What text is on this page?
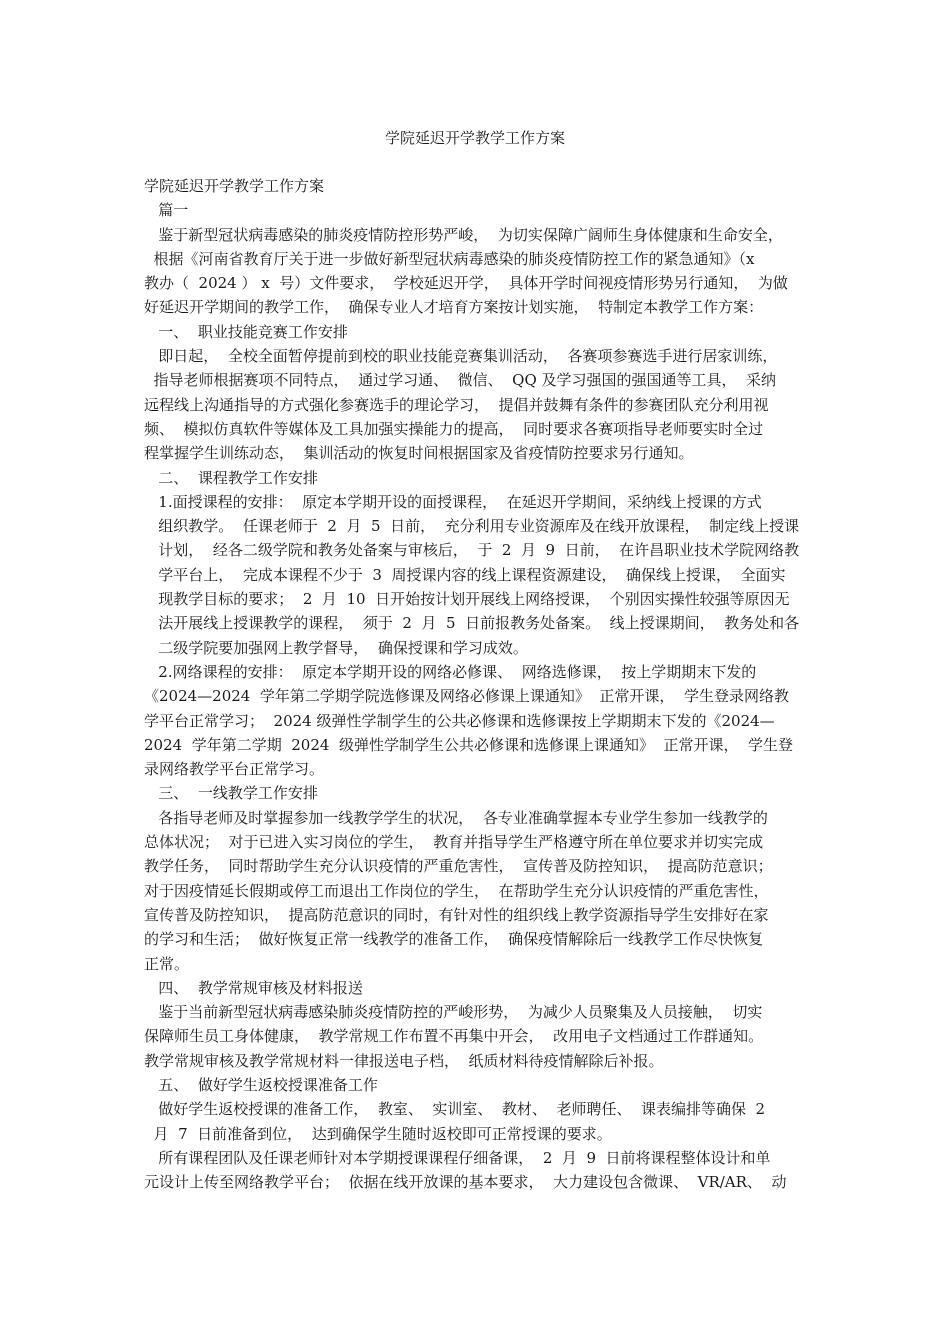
学院延迟开学教学工作方案
学院延迟开学教学工作方案
篇一
鉴于新型冠状病毒感染的肺炎疫情防控形势严峻，  为切实保障广阔师生身体健康和生命安全，
根据《河南省教育厅关于进一步做好新型冠状病毒感染的肺炎疫情防控工作的紧急通知》（x
教办（  2024 ） x  号）文件要求，  学校延迟开学，  具体开学时间视疫情形势另行通知，  为做
好延迟开学期间的教学工作，  确保专业人才培育方案按计划实施，  特制定本教学工作方案：
一、  职业技能竞赛工作安排
即日起，  全校全面暂停提前到校的职业技能竞赛集训活动，  各赛项参赛选手进行居家训练，
指导老师根据赛项不同特点，  通过学习通、  微信、  QQ 及学习强国的强国通等工具，  采纳
远程线上沟通指导的方式强化参赛选手的理论学习，  提倡并鼓舞有条件的参赛团队充分利用视
频、  模拟仿真软件等媒体及工具加强实操能力的提高，  同时要求各赛项指导老师要实时全过
程掌握学生训练动态，  集训活动的恢复时间根据国家及省疫情防控要求另行通知。
二、  课程教学工作安排
1.面授课程的安排：  原定本学期开设的面授课程，  在延迟开学期间，采纳线上授课的方式
组织教学。  任课老师于  2  月  5  日前，  充分利用专业资源库及在线开放课程，  制定线上授课
计划，  经各二级学院和教务处备案与审核后，  于  2  月  9  日前，  在许昌职业技术学院网络教
学平台上，  完成本课程不少于  3  周授课内容的线上课程资源建设，  确保线上授课，  全面实
现教学目标的要求；  2  月  10  日开始按计划开展线上网络授课，  个别因实操性较强等原因无
法开展线上授课教学的课程，  须于  2  月  5  日前报教务处备案。  线上授课期间，  教务处和各
二级学院要加强网上教学督导，  确保授课和学习成效。
2.网络课程的安排：  原定本学期开设的网络必修课、  网络选修课，  按上学期期末下发的
《2024—2024  学年第二学期学院选修课及网络必修课上课通知》  正常开课，  学生登录网络教
学平台正常学习；  2024 级弹性学制学生的公共必修课和选修课按上学期期末下发的《2024—
2024  学年第二学期  2024  级弹性学制学生公共必修课和选修课上课通知》  正常开课，  学生登
录网络教学平台正常学习。
三、  一线教学工作安排
各指导老师及时掌握参加一线教学学生的状况，  各专业准确掌握本专业学生参加一线教学的
总体状况；  对于已进入实习岗位的学生，  教育并指导学生严格遵守所在单位要求并切实完成
教学任务，  同时帮助学生充分认识疫情的严重危害性，  宣传普及防控知识，  提高防范意识；
对于因疫情延长假期或停工而退出工作岗位的学生，  在帮助学生充分认识疫情的严重危害性，
宣传普及防控知识，  提高防范意识的同时，有针对性的组织线上教学资源指导学生安排好在家
的学习和生活；  做好恢复正常一线教学的准备工作，  确保疫情解除后一线教学工作尽快恢复
正常。
四、  教学常规审核及材料报送
鉴于当前新型冠状病毒感染肺炎疫情防控的严峻形势，  为减少人员聚集及人员接触，  切实
保障师生员工身体健康，  教学常规工作布置不再集中开会，  改用电子文档通过工作群通知。
教学常规审核及教学常规材料一律报送电子档，  纸质材料待疫情解除后补报。
五、  做好学生返校授课准备工作
做好学生返校授课的准备工作，  教室、  实训室、  教材、  老师聘任、  课表编排等确保  2
月  7  日前准备到位，  达到确保学生随时返校即可正常授课的要求。
所有课程团队及任课老师针对本学期授课课程仔细备课，  2  月  9  日前将课程整体设计和单
元设计上传至网络教学平台；  依据在线开放课的基本要求，  大力建设包含微课、  VR/AR、  动
